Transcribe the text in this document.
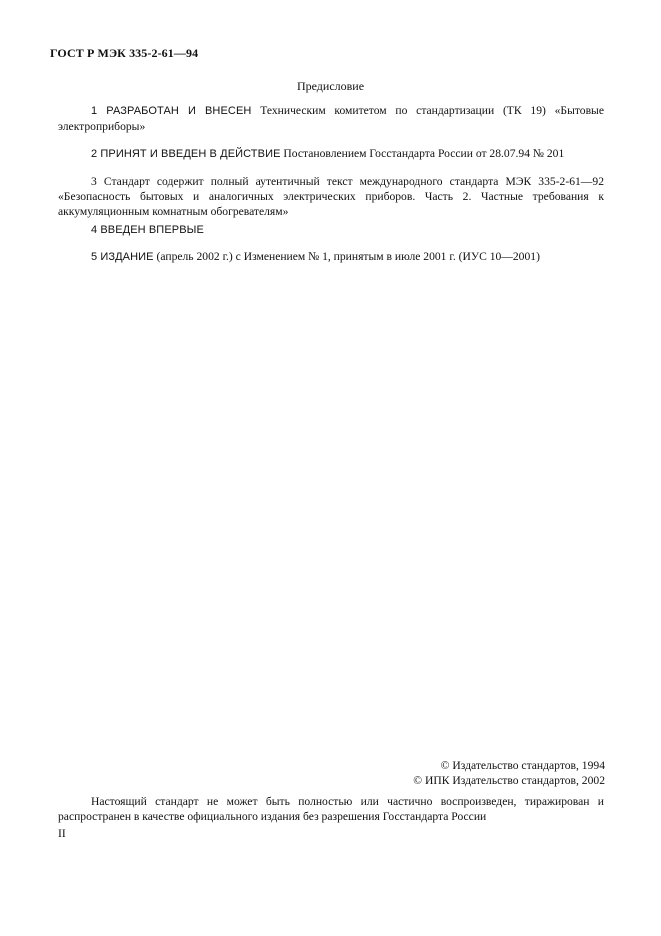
ГОСТ Р МЭК 335-2-61—94
Предисловие
1 РАЗРАБОТАН И ВНЕСЕН Техническим комитетом по стандартизации (ТК 19) «Бытовые
электроприборы»
2 ПРИНЯТ И ВВЕДЕН В ДЕЙСТВИЕ Постановлением Госстандарта России от 28.07.94 № 201
3 Стандарт содержит полный аутентичный текст международного стандарта МЭК 335-2-61—92
«Безопасность бытовых и аналогичных электрических приборов. Часть 2. Частные требования к
аккумуляционным комнатным обогревателям»
4 ВВЕДЕН ВПЕРВЫЕ
5 ИЗДАНИЕ (апрель 2002 г.) с Изменением № 1, принятым в июле 2001 г. (ИУС 10—2001)
© Издательство стандартов, 1994
© ИПК Издательство стандартов, 2002
Настоящий стандарт не может быть полностью или частично воспроизведен, тиражирован и
распространен в качестве официального издания без разрешения Госстандарта России
II
